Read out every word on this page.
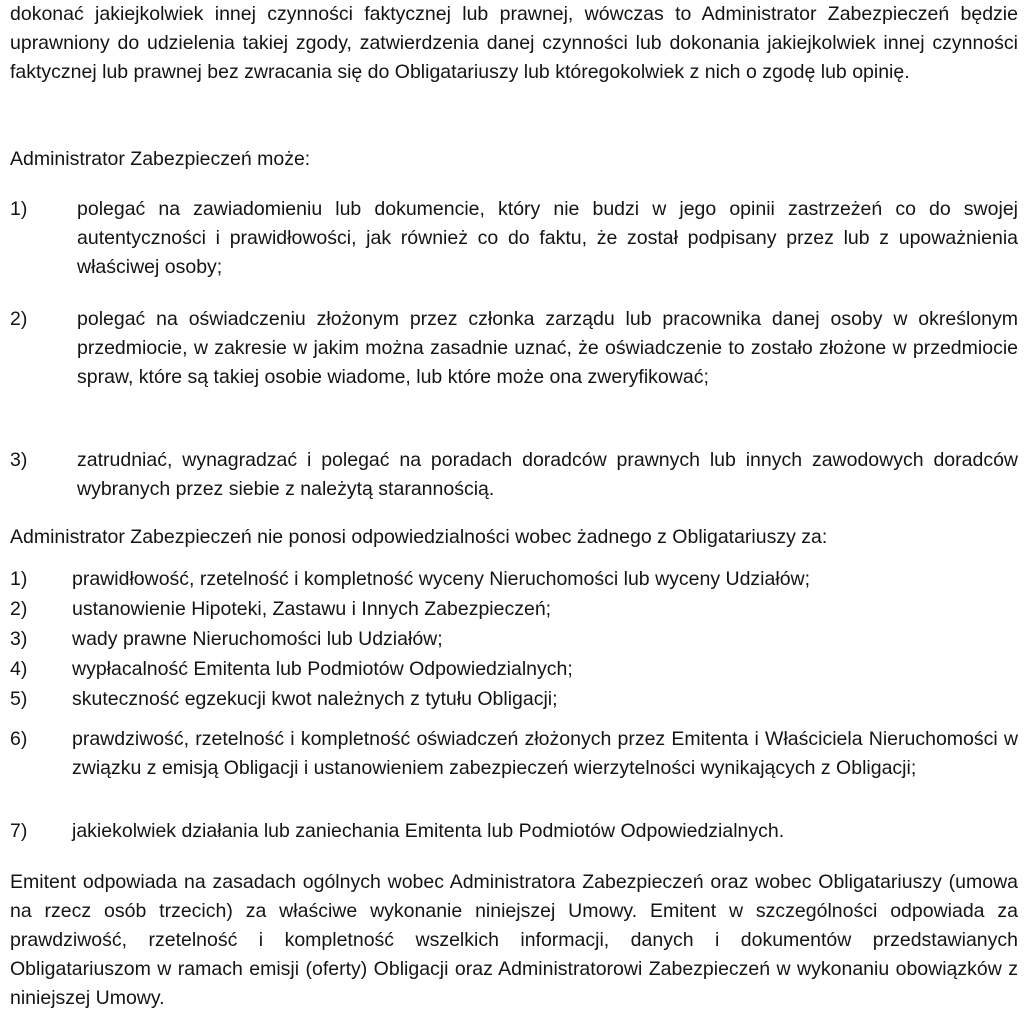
dokonać jakiejkolwiek innej czynności faktycznej lub prawnej, wówczas to Administrator Zabezpieczeń będzie uprawniony do udzielenia takiej zgody, zatwierdzenia danej czynności lub dokonania jakiejkolwiek innej czynności faktycznej lub prawnej bez zwracania się do Obligatariuszy lub któregokolwiek z nich o zgodę lub opinię.

Administrator Zabezpieczeń może:

1)	polegać na zawiadomieniu lub dokumencie, który nie budzi w jego opinii zastrzeżeń co do swojej autentyczności i prawidłowości, jak również co do faktu, że został podpisany przez lub z upoważnienia właściwej osoby;

2)	polegać na oświadczeniu złożonym przez członka zarządu lub pracownika danej osoby w określonym przedmiocie, w zakresie w jakim można zasadnie uznać, że oświadczenie to zostało złożone w przedmiocie spraw, które są takiej osobie wiadome, lub które może ona zweryfikować;

3)	zatrudniać, wynagradzać i polegać na poradach doradców prawnych lub innych zawodowych doradców wybranych przez siebie z należytą starannością.

Administrator Zabezpieczeń nie ponosi odpowiedzialności wobec żadnego z Obligatariuszy za:

1)	prawidłowość, rzetelność i kompletność wyceny Nieruchomości lub wyceny Udziałów;

2)	ustanowienie Hipoteki, Zastawu i Innych Zabezpieczeń;

3)	wady prawne Nieruchomości lub Udziałów;

4)	wypłacalność Emitenta lub Podmiotów Odpowiedzialnych;

5)	skuteczność egzekucji kwot należnych z tytułu Obligacji;

6)	prawdziwość, rzetelność i kompletność oświadczeń złożonych przez Emitenta i Właściciela Nieruchomości w związku z emisją Obligacji i ustanowieniem zabezpieczeń wierzytelności wynikających z Obligacji;

7)	jakiekolwiek działania lub zaniechania Emitenta lub Podmiotów Odpowiedzialnych.

Emitent odpowiada na zasadach ogólnych wobec Administratora Zabezpieczeń oraz wobec Obligatariuszy (umowa na rzecz osób trzecich) za właściwe wykonanie niniejszej Umowy. Emitent w szczególności odpowiada za prawdziwość, rzetelność i kompletność wszelkich informacji, danych i dokumentów przedstawianych Obligatariuszom w ramach emisji (oferty) Obligacji oraz Administratorowi Zabezpieczeń w wykonaniu obowiązków z niniejszej Umowy.
